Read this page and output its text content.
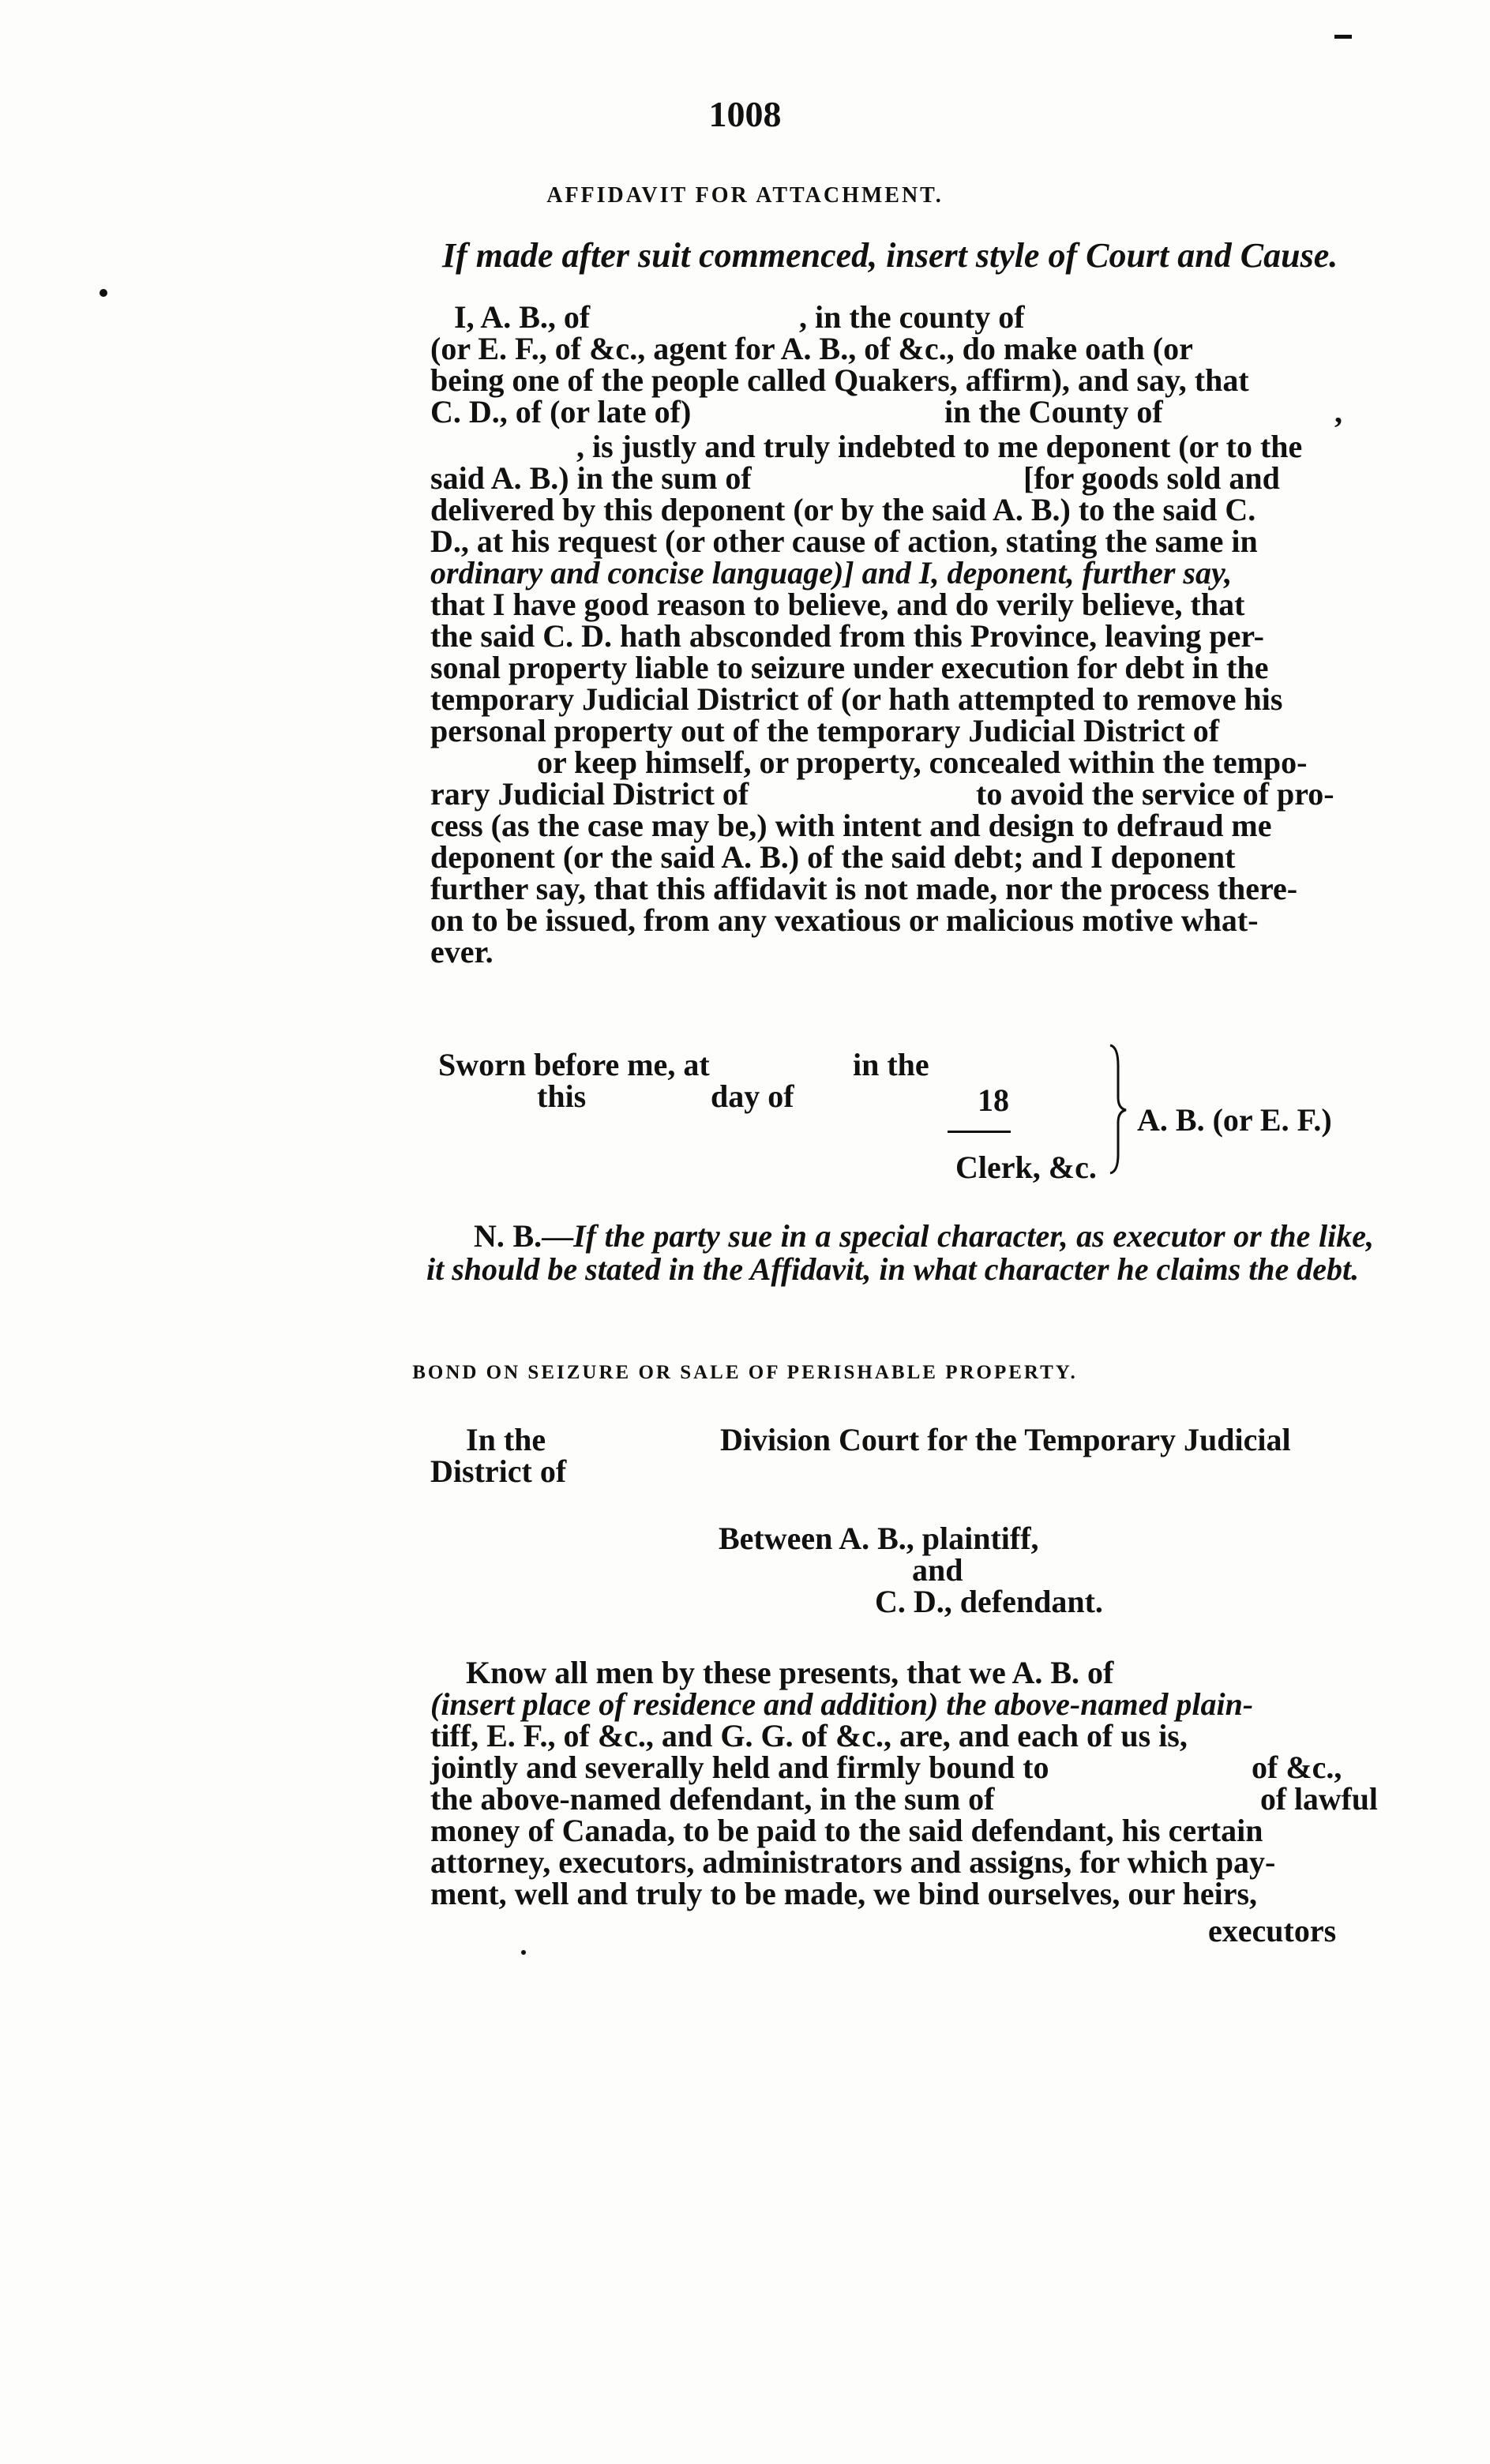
1008
AFFIDAVIT FOR ATTACHMENT.
If made after suit commenced, insert style of Court and Cause.
I, A. B., of	, in the county of
(or E. F., of &c., agent for A. B., of &c., do make oath (or
being one of the people called Quakers, affirm), and say, that
C. D., of (or late of)	in the County of	,
, is justly and truly indebted to me deponent (or to the
said A. B.) in the sum of	[for goods sold and
delivered by this deponent (or by the said A. B.) to the said C.
D., at his request (or other cause of action, stating the same in
ordinary and concise language)] and I, deponent, further say,
that I have good reason to believe, and do verily believe, that
the said C. D. hath absconded from this Province, leaving per-
sonal property liable to seizure under execution for debt in the
temporary Judicial District of (or hath attempted to remove his
personal property out of the temporary Judicial District of
or keep himself, or property, concealed within the tempo-
rary Judicial District of	to avoid the service of pro-
cess (as the case may be,) with intent and design to defraud me
deponent (or the said A. B.) of the said debt; and I deponent
further say, that this affidavit is not made, nor the process there-
on to be issued, from any vexatious or malicious motive what-
ever.
Sworn before me, at	in the
this	day of	18
Clerk, &c.
A. B. (or E. F.)
N. B.—If the party sue in a special character, as executor or the like, it should be stated in the Affidavit, in what character he claims the debt.
BOND ON SEIZURE OR SALE OF PERISHABLE PROPERTY.
In the	Division Court for the Temporary Judicial
District of
Between A. B., plaintiff,
and
C. D., defendant.
Know all men by these presents, that we A. B. of
(insert place of residence and addition) the above-named plain-
tiff, E. F., of &c., and G. G. of &c., are, and each of us is,
jointly and severally held and firmly bound to	of &c.,
the above-named defendant, in the sum of	of lawful
money of Canada, to be paid to the said defendant, his certain
attorney, executors, administrators and assigns, for which pay-
ment, well and truly to be made, we bind ourselves, our heirs,
executors
